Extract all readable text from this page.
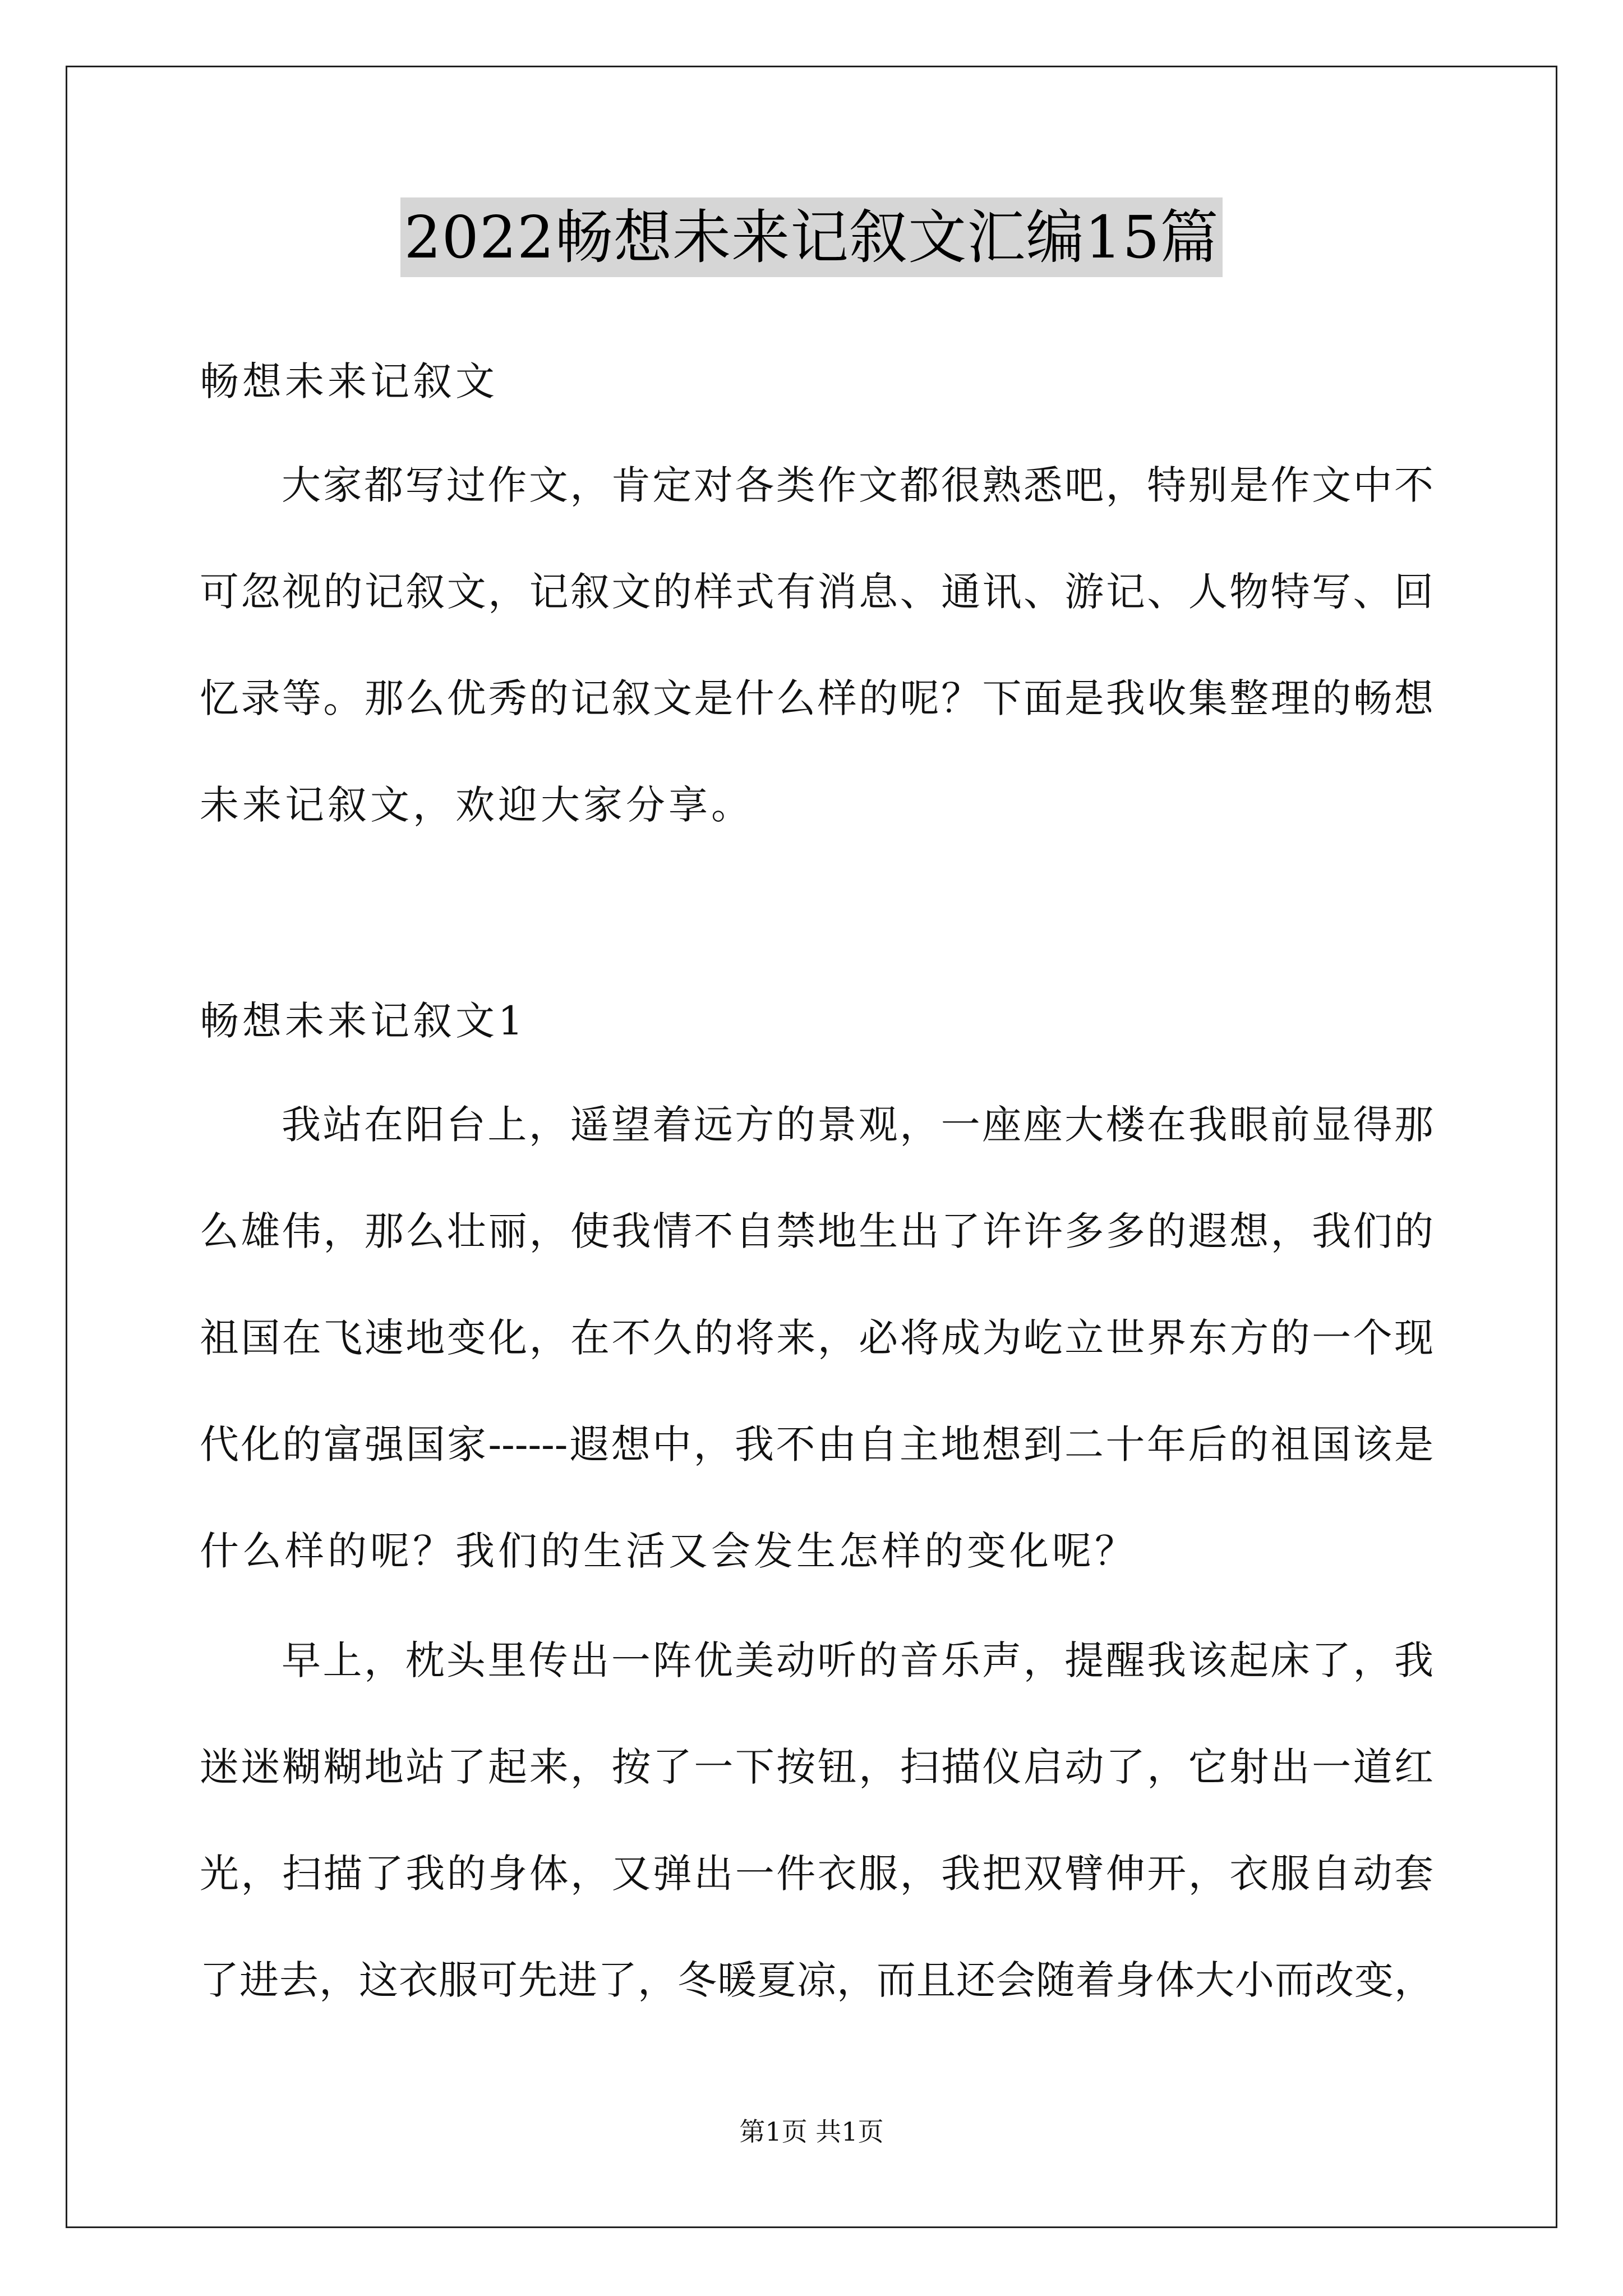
2022畅想未来记叙文汇编15篇
畅想未来记叙文
大家都写过作文，肯定对各类作文都很熟悉吧，特别是作文中不
可忽视的记叙文，记叙文的样式有消息、通讯、游记、人物特写、回
忆录等。那么优秀的记叙文是什么样的呢？下面是我收集整理的畅想
未来记叙文，欢迎大家分享。
畅想未来记叙文1
我站在阳台上，遥望着远方的景观，一座座大楼在我眼前显得那
么雄伟，那么壮丽，使我情不自禁地生出了许许多多的遐想，我们的
祖国在飞速地变化，在不久的将来，必将成为屹立世界东方的一个现
代化的富强国家------遐想中，我不由自主地想到二十年后的祖国该是
什么样的呢？我们的生活又会发生怎样的变化呢？
早上，枕头里传出一阵优美动听的音乐声，提醒我该起床了，我
迷迷糊糊地站了起来，按了一下按钮，扫描仪启动了，它射出一道红
光，扫描了我的身体，又弹出一件衣服，我把双臂伸开，衣服自动套
了进去，这衣服可先进了，冬暖夏凉，而且还会随着身体大小而改变，
第1页 共1页
